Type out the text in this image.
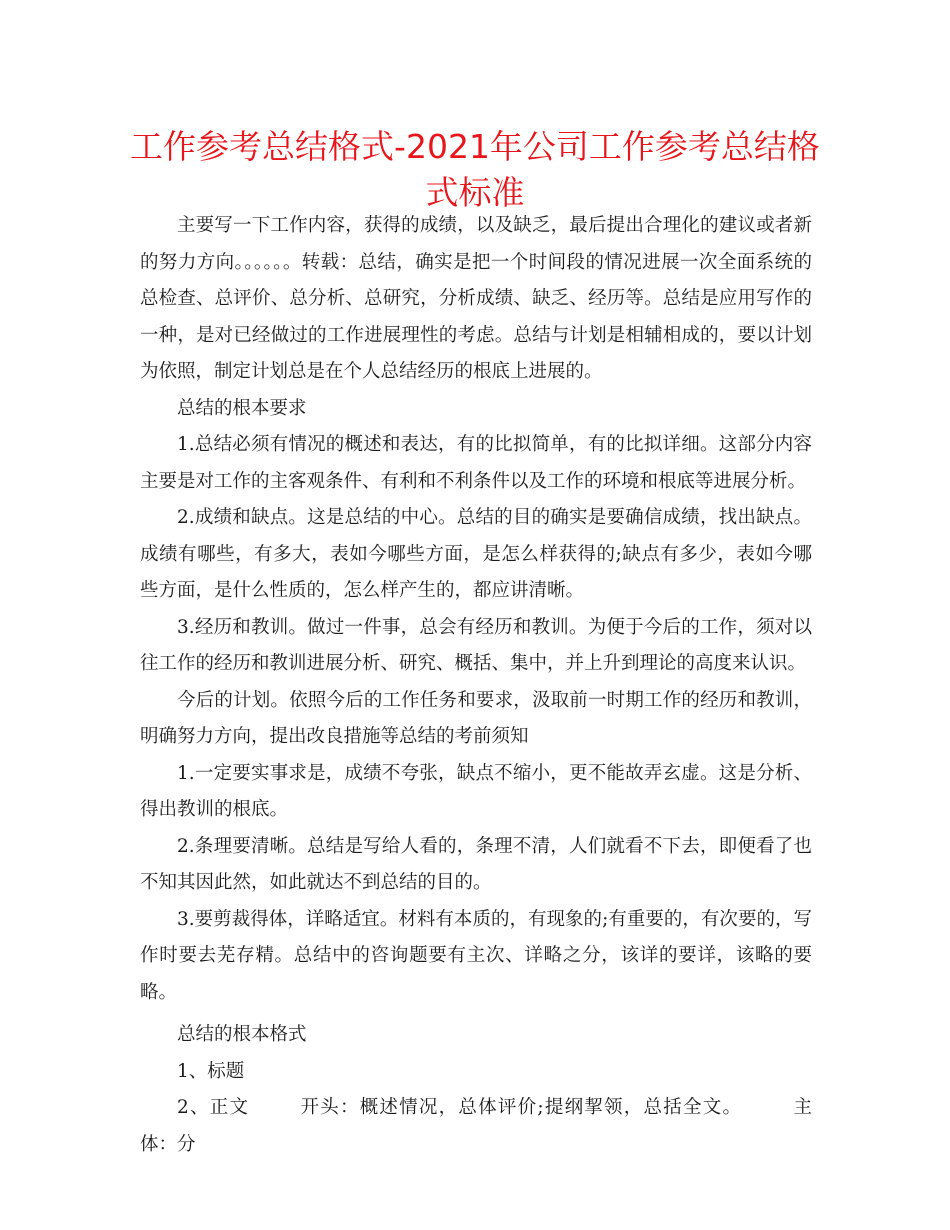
工作参考总结格式-2021年公司工作参考总结格式标准

主要写一下工作内容，获得的成绩，以及缺乏，最后提出合理化的建议或者新的努力方向。。。。。。转载：总结，确实是把一个时间段的情况进展一次全面系统的总检查、总评价、总分析、总研究，分析成绩、缺乏、经历等。总结是应用写作的一种，是对已经做过的工作进展理性的考虑。总结与计划是相辅相成的，要以计划为依照，制定计划总是在个人总结经历的根底上进展的。

总结的根本要求

1.总结必须有情况的概述和表达，有的比拟简单，有的比拟详细。这部分内容主要是对工作的主客观条件、有利和不利条件以及工作的环境和根底等进展分析。

2.成绩和缺点。这是总结的中心。总结的目的确实是要确信成绩，找出缺点。成绩有哪些，有多大，表如今哪些方面，是怎么样获得的;缺点有多少，表如今哪些方面，是什么性质的，怎么样产生的，都应讲清晰。

3.经历和教训。做过一件事，总会有经历和教训。为便于今后的工作，须对以往工作的经历和教训进展分析、研究、概括、集中，并上升到理论的高度来认识。

今后的计划。依照今后的工作任务和要求，汲取前一时期工作的经历和教训，明确努力方向，提出改良措施等总结的考前须知

1.一定要实事求是，成绩不夸张，缺点不缩小，更不能故弄玄虚。这是分析、得出教训的根底。

2.条理要清晰。总结是写给人看的，条理不清，人们就看不下去，即便看了也不知其因此然，如此就达不到总结的目的。

3.要剪裁得体，详略适宜。材料有本质的，有现象的;有重要的，有次要的，写作时要去芜存精。总结中的咨询题要有主次、详略之分，该详的要详，该略的要略。

总结的根本格式

1、标题

2、正文	开头：概述情况，总体评价;提纲挈领，总括全文。	主体：分
